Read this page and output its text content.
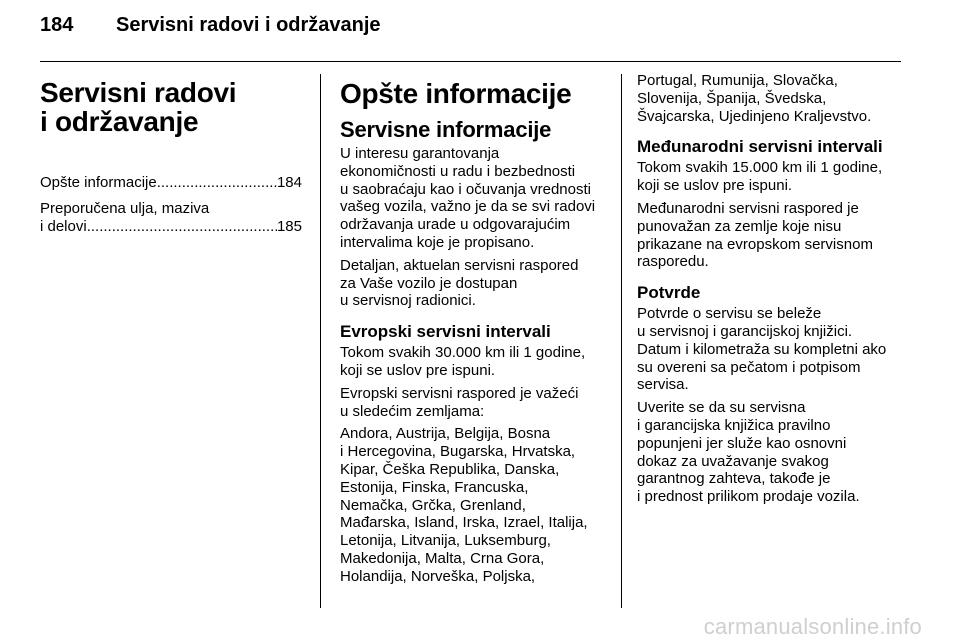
184	Servisni radovi i održavanje
Servisni radovi
i održavanje
Opšte informacije .....	184
Preporučena ulja, maziva
i delovi .....	185
Opšte informacije
Servisne informacije
U interesu garantovanja
ekonomičnosti u radu i bezbednosti
u saobraćaju kao i očuvanja vrednosti
vašeg vozila, važno je da se svi radovi
održavanja urade u odgovarajućim
intervalima koje je propisano.
Detaljan, aktuelan servisni raspored
za Vaše vozilo je dostupan
u servisnoj radionici.
Evropski servisni intervali
Tokom svakih 30.000 km ili 1 godine,
koji se uslov pre ispuni.
Evropski servisni raspored je važeći
u sledećim zemljama:
Andora, Austrija, Belgija, Bosna
i Hercegovina, Bugarska, Hrvatska,
Kipar, Češka Republika, Danska,
Estonija, Finska, Francuska,
Nemačka, Grčka, Grenland,
Mađarska, Island, Irska, Izrael, Italija,
Letonija, Litvanija, Luksemburg,
Makedonija, Malta, Crna Gora,
Holandija, Norveška, Poljska,
Portugal, Rumunija, Slovačka,
Slovenija, Španija, Švedska,
Švajcarska, Ujedinjeno Kraljevstvo.
Međunarodni servisni intervali
Tokom svakih 15.000 km ili 1 godine,
koji se uslov pre ispuni.
Međunarodni servisni raspored je
punovažan za zemlje koje nisu
prikazane na evropskom servisnom
rasporedu.
Potvrde
Potvrde o servisu se beleže
u servisnoj i garancijskoj knjižici.
Datum i kilometraža su kompletni ako
su overeni sa pečatom i potpisom
servisa.
Uverite se da su servisna
i garancijska knjižica pravilno
popunjeni jer služe kao osnovni
dokaz za uvažavanje svakog
garantnog zahteva, takođe je
i prednost prilikom prodaje vozila.
carmanualsonline.info
